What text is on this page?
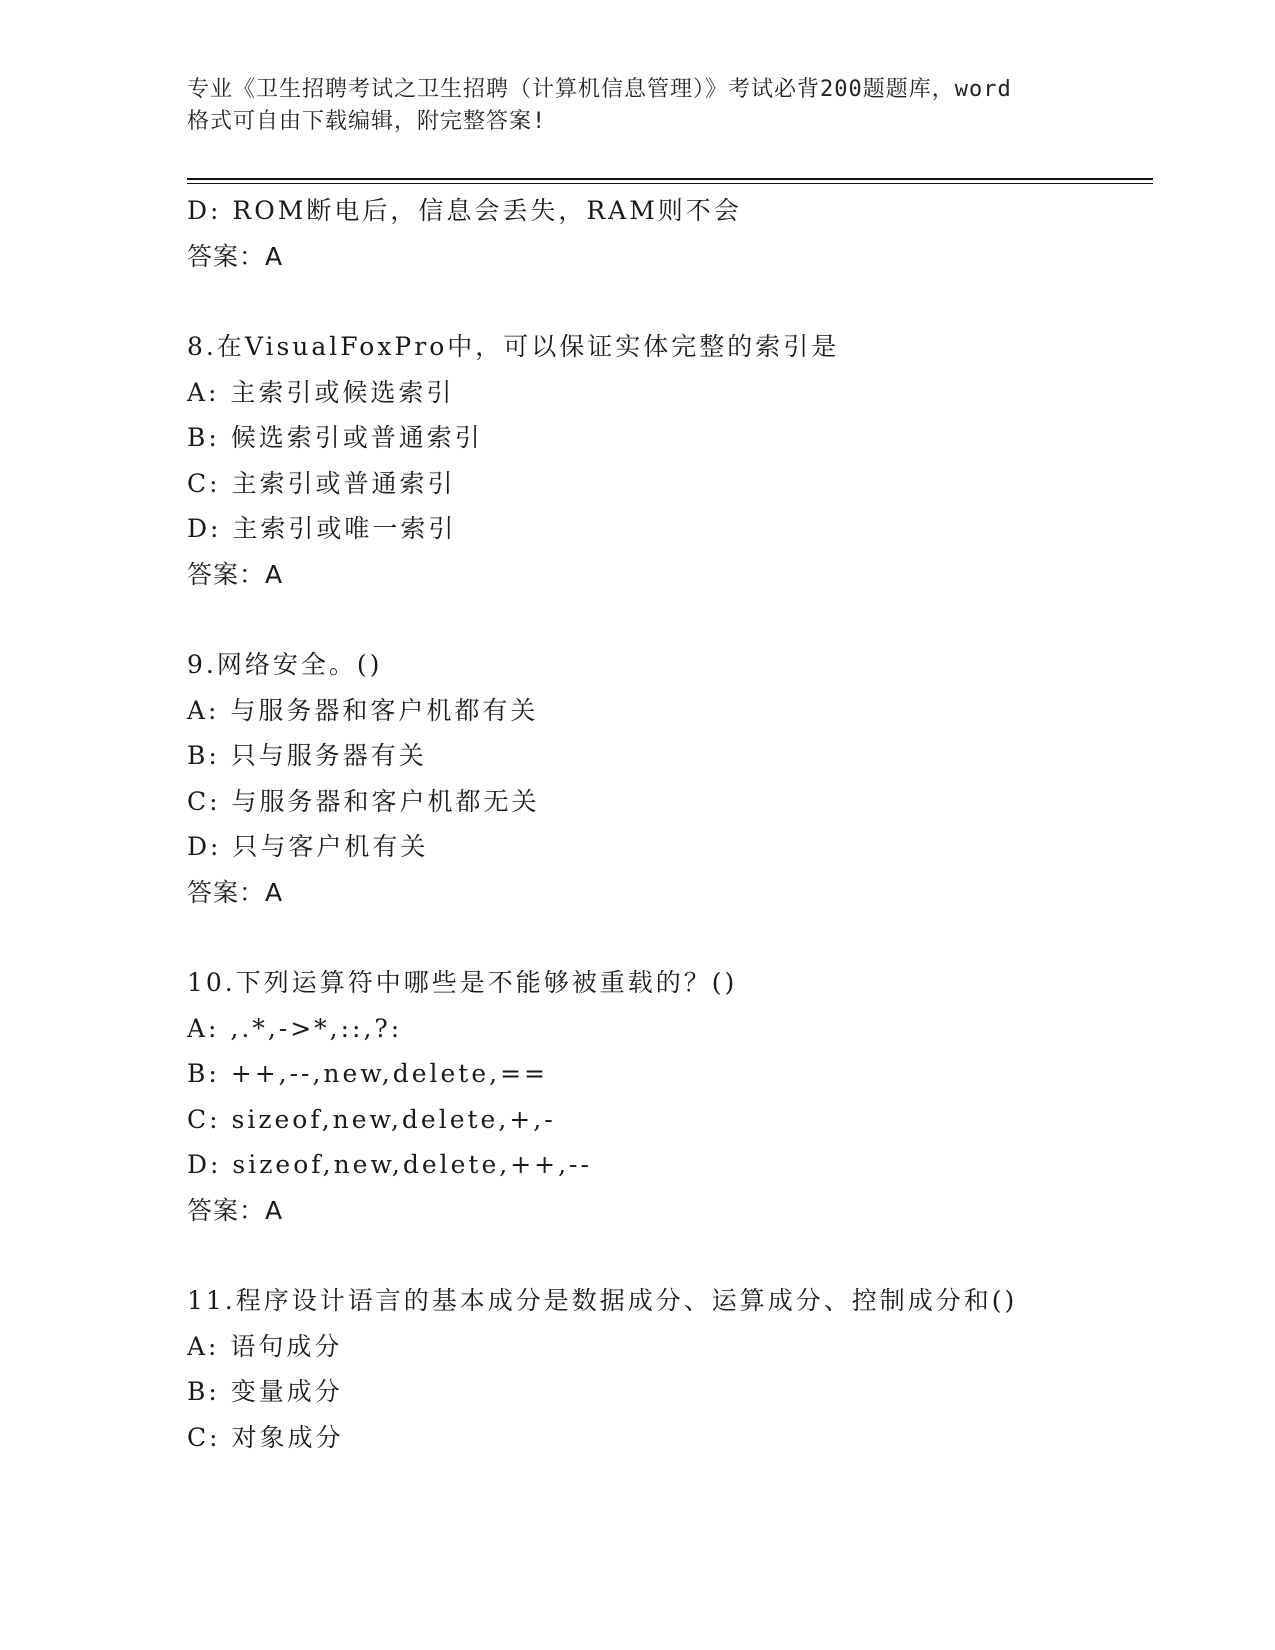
专业《卫生招聘考试之卫生招聘（计算机信息管理）》考试必背200题题库，word
格式可自由下载编辑，附完整答案!
D: ROM断电后，信息会丢失，RAM则不会
答案：A
8.在VisualFoxPro中，可以保证实体完整的索引是
A: 主索引或候选索引
B: 候选索引或普通索引
C: 主索引或普通索引
D: 主索引或唯一索引
答案：A
9.网络安全。()
A: 与服务器和客户机都有关
B: 只与服务器有关
C: 与服务器和客户机都无关
D: 只与客户机有关
答案：A
10.下列运算符中哪些是不能够被重载的？()
A: ,.*,->*,::,?:
B: ++,--,new,delete,==
C: sizeof,new,delete,+,-
D: sizeof,new,delete,++,--
答案：A
11.程序设计语言的基本成分是数据成分、运算成分、控制成分和()
A: 语句成分
B: 变量成分
C: 对象成分
